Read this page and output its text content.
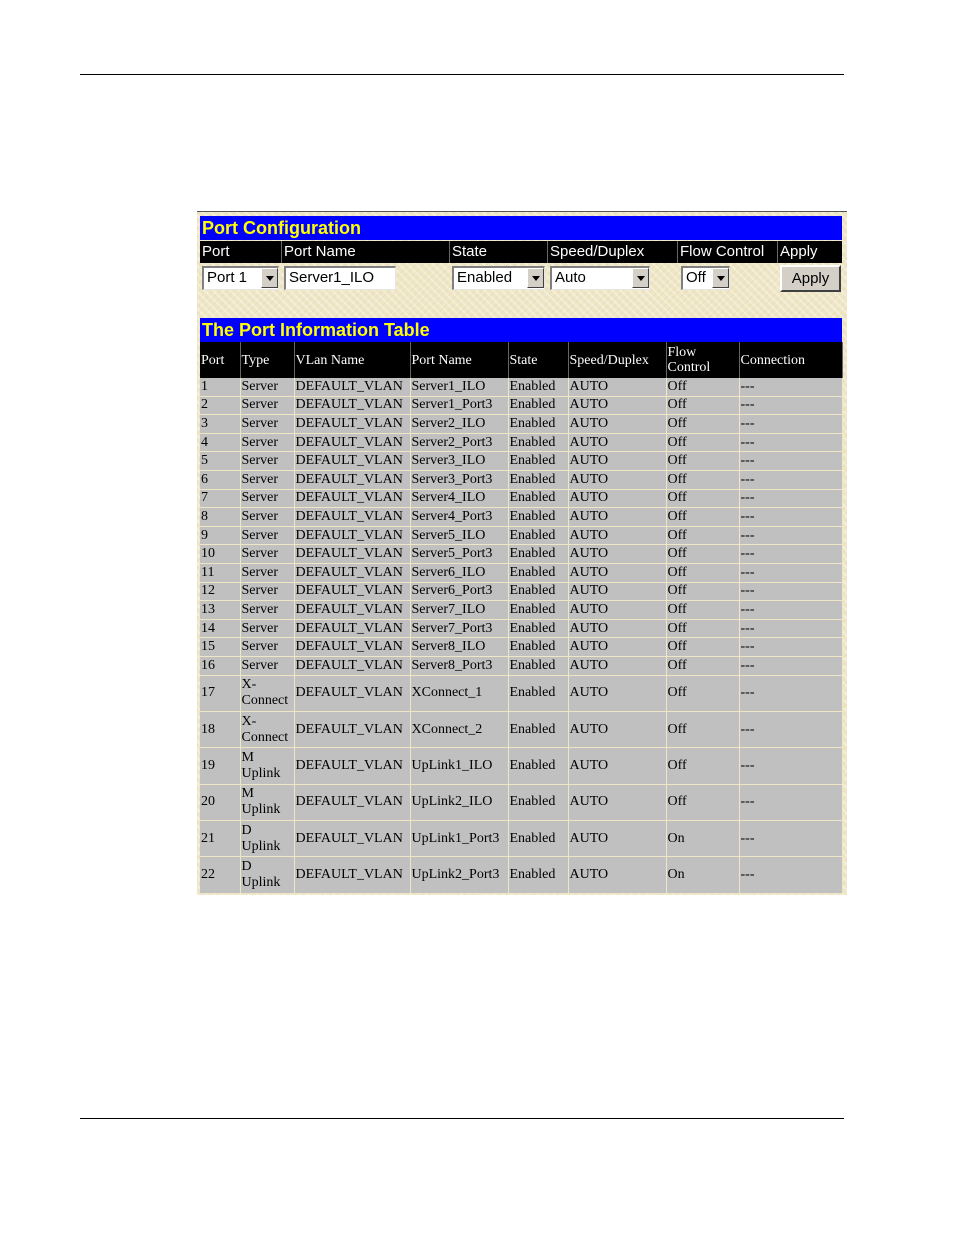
Port Configuration
Port	Port Name	State	Speed/Duplex	Flow Control	Apply
Port 1	Server1_ILO	Enabled	Auto	Off	Apply
The Port Information Table
Port	Type	VLan Name	Port Name	State	Speed/Duplex	Flow Control	Connection
1	Server	DEFAULT_VLAN	Server1_ILO	Enabled	AUTO	Off	---
2	Server	DEFAULT_VLAN	Server1_Port3	Enabled	AUTO	Off	---
3	Server	DEFAULT_VLAN	Server2_ILO	Enabled	AUTO	Off	---
4	Server	DEFAULT_VLAN	Server2_Port3	Enabled	AUTO	Off	---
5	Server	DEFAULT_VLAN	Server3_ILO	Enabled	AUTO	Off	---
6	Server	DEFAULT_VLAN	Server3_Port3	Enabled	AUTO	Off	---
7	Server	DEFAULT_VLAN	Server4_ILO	Enabled	AUTO	Off	---
8	Server	DEFAULT_VLAN	Server4_Port3	Enabled	AUTO	Off	---
9	Server	DEFAULT_VLAN	Server5_ILO	Enabled	AUTO	Off	---
10	Server	DEFAULT_VLAN	Server5_Port3	Enabled	AUTO	Off	---
11	Server	DEFAULT_VLAN	Server6_ILO	Enabled	AUTO	Off	---
12	Server	DEFAULT_VLAN	Server6_Port3	Enabled	AUTO	Off	---
13	Server	DEFAULT_VLAN	Server7_ILO	Enabled	AUTO	Off	---
14	Server	DEFAULT_VLAN	Server7_Port3	Enabled	AUTO	Off	---
15	Server	DEFAULT_VLAN	Server8_ILO	Enabled	AUTO	Off	---
16	Server	DEFAULT_VLAN	Server8_Port3	Enabled	AUTO	Off	---
17	X-Connect	DEFAULT_VLAN	XConnect_1	Enabled	AUTO	Off	---
18	X-Connect	DEFAULT_VLAN	XConnect_2	Enabled	AUTO	Off	---
19	M Uplink	DEFAULT_VLAN	UpLink1_ILO	Enabled	AUTO	Off	---
20	M Uplink	DEFAULT_VLAN	UpLink2_ILO	Enabled	AUTO	Off	---
21	D Uplink	DEFAULT_VLAN	UpLink1_Port3	Enabled	AUTO	On	---
22	D Uplink	DEFAULT_VLAN	UpLink2_Port3	Enabled	AUTO	On	---
